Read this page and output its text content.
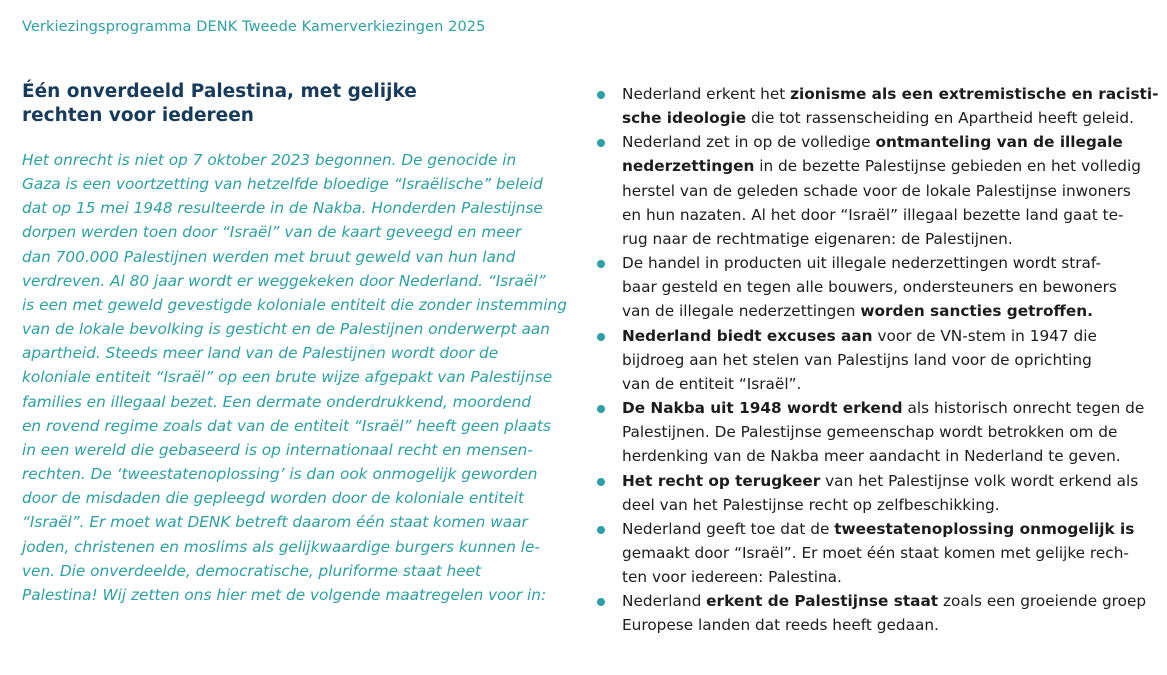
Verkiezingsprogramma DENK Tweede Kamerverkiezingen 2025
Één onverdeeld Palestina, met gelijke
rechten voor iedereen

Het onrecht is niet op 7 oktober 2023 begonnen. De genocide in
Gaza is een voortzetting van hetzelfde bloedige “Israëlische” beleid
dat op 15 mei 1948 resulteerde in de Nakba. Honderden Palestijnse
dorpen werden toen door “Israël” van de kaart geveegd en meer
dan 700.000 Palestijnen werden met bruut geweld van hun land
verdreven. Al 80 jaar wordt er weggekeken door Nederland. “Israël”
is een met geweld gevestigde koloniale entiteit die zonder instemming
van de lokale bevolking is gesticht en de Palestijnen onderwerpt aan
apartheid. Steeds meer land van de Palestijnen wordt door de
koloniale entiteit “Israël” op een brute wijze afgepakt van Palestijnse
families en illegaal bezet. Een dermate onderdrukkend, moordend
en rovend regime zoals dat van de entiteit “Israël” heeft geen plaats
in een wereld die gebaseerd is op internationaal recht en mensen-
rechten. De ‘tweestatenoplossing’ is dan ook onmogelijk geworden
door de misdaden die gepleegd worden door de koloniale entiteit
“Israël”. Er moet wat DENK betreft daarom één staat komen waar
joden, christenen en moslims als gelijkwaardige burgers kunnen le-
ven. Die onverdeelde, democratische, pluriforme staat heet
Palestina! Wij zetten ons hier met de volgende maatregelen voor in:

Nederland erkent het zionisme als een extremistische en racisti-
sche ideologie die tot rassenscheiding en Apartheid heeft geleid.
Nederland zet in op de volledige ontmanteling van de illegale
nederzettingen in de bezette Palestijnse gebieden en het volledig
herstel van de geleden schade voor de lokale Palestijnse inwoners
en hun nazaten. Al het door “Israël” illegaal bezette land gaat te-
rug naar de rechtmatige eigenaren: de Palestijnen.
De handel in producten uit illegale nederzettingen wordt straf-
baar gesteld en tegen alle bouwers, ondersteuners en bewoners
van de illegale nederzettingen worden sancties getroffen.
Nederland biedt excuses aan voor de VN-stem in 1947 die
bijdroeg aan het stelen van Palestijns land voor de oprichting
van de entiteit “Israël”.
De Nakba uit 1948 wordt erkend als historisch onrecht tegen de
Palestijnen. De Palestijnse gemeenschap wordt betrokken om de
herdenking van de Nakba meer aandacht in Nederland te geven.
Het recht op terugkeer van het Palestijnse volk wordt erkend als
deel van het Palestijnse recht op zelfbeschikking.
Nederland geeft toe dat de tweestatenoplossing onmogelijk is
gemaakt door “Israël”. Er moet één staat komen met gelijke rech-
ten voor iedereen: Palestina.
Nederland erkent de Palestijnse staat zoals een groeiende groep
Europese landen dat reeds heeft gedaan.
